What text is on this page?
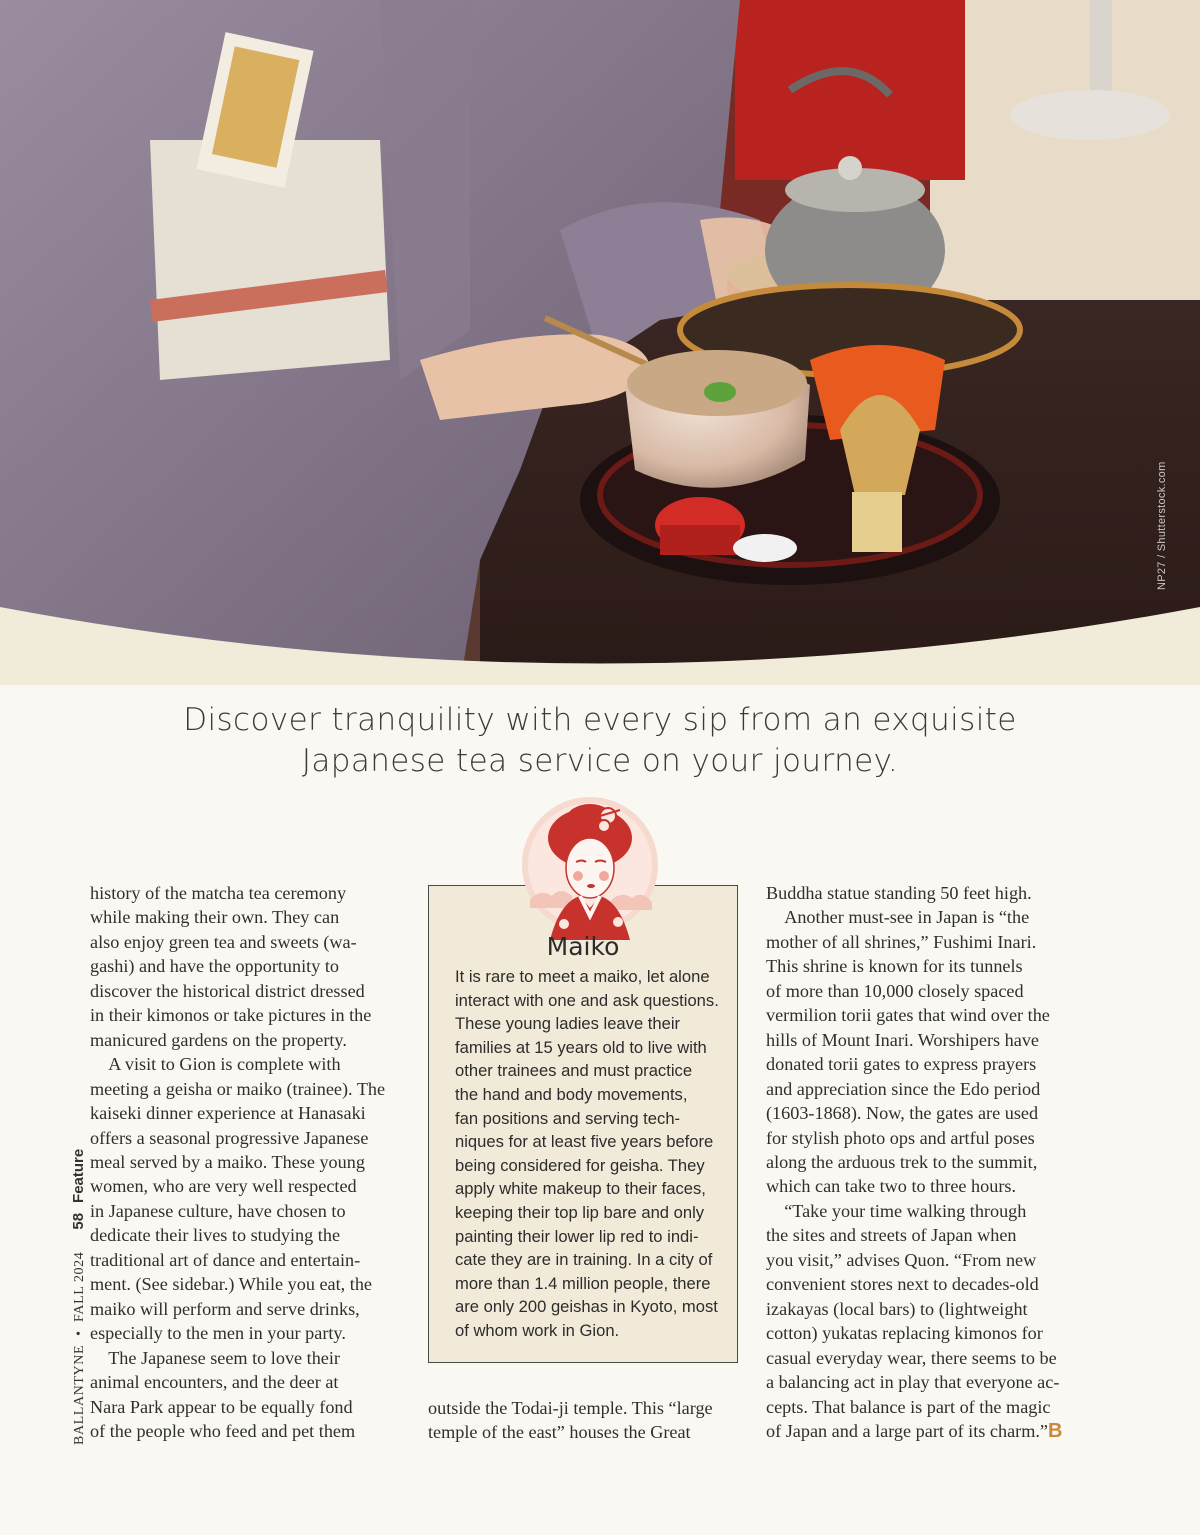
NP27 / Shutterstock.com
Discover tranquility with every sip from an exquisite
Japanese tea service on your journey.
history of the matcha tea ceremony
while making their own. They can
also enjoy green tea and sweets (wa-
gashi) and have the opportunity to
discover the historical district dressed
in their kimonos or take pictures in the
manicured gardens on the property.
 A visit to Gion is complete with
meeting a geisha or maiko (trainee). The
kaiseki dinner experience at Hanasaki
offers a seasonal progressive Japanese
meal served by a maiko. These young
women, who are very well respected
in Japanese culture, have chosen to
dedicate their lives to studying the
traditional art of dance and entertain-
ment. (See sidebar.) While you eat, the
maiko will perform and serve drinks,
especially to the men in your party.
 The Japanese seem to love their
animal encounters, and the deer at
Nara Park appear to be equally fond
of the people who feed and pet them
Maiko
It is rare to meet a maiko, let alone
interact with one and ask questions.
These young ladies leave their
families at 15 years old to live with
other trainees and must practice
the hand and body movements,
fan positions and serving tech-
niques for at least five years before
being considered for geisha. They
apply white makeup to their faces,
keeping their top lip bare and only
painting their lower lip red to indi-
cate they are in training. In a city of
more than 1.4 million people, there
are only 200 geishas in Kyoto, most
of whom work in Gion.
outside the Todai-ji temple. This “large
temple of the east” houses the Great
Buddha statue standing 50 feet high.
 Another must-see in Japan is “the
mother of all shrines,” Fushimi Inari.
This shrine is known for its tunnels
of more than 10,000 closely spaced
vermilion torii gates that wind over the
hills of Mount Inari. Worshipers have
donated torii gates to express prayers
and appreciation since the Edo period
(1603-1868). Now, the gates are used
for stylish photo ops and artful poses
along the arduous trek to the summit,
which can take two to three hours.
 “Take your time walking through
the sites and streets of Japan when
you visit,” advises Quon. “From new
convenient stores next to decades-old
izakayas (local bars) to (lightweight
cotton) yukatas replacing kimonos for
casual everyday wear, there seems to be
a balancing act in play that everyone ac-
cepts. That balance is part of the magic
of Japan and a large part of its charm.”B
BALLANTYNE•FALL 202458Feature
